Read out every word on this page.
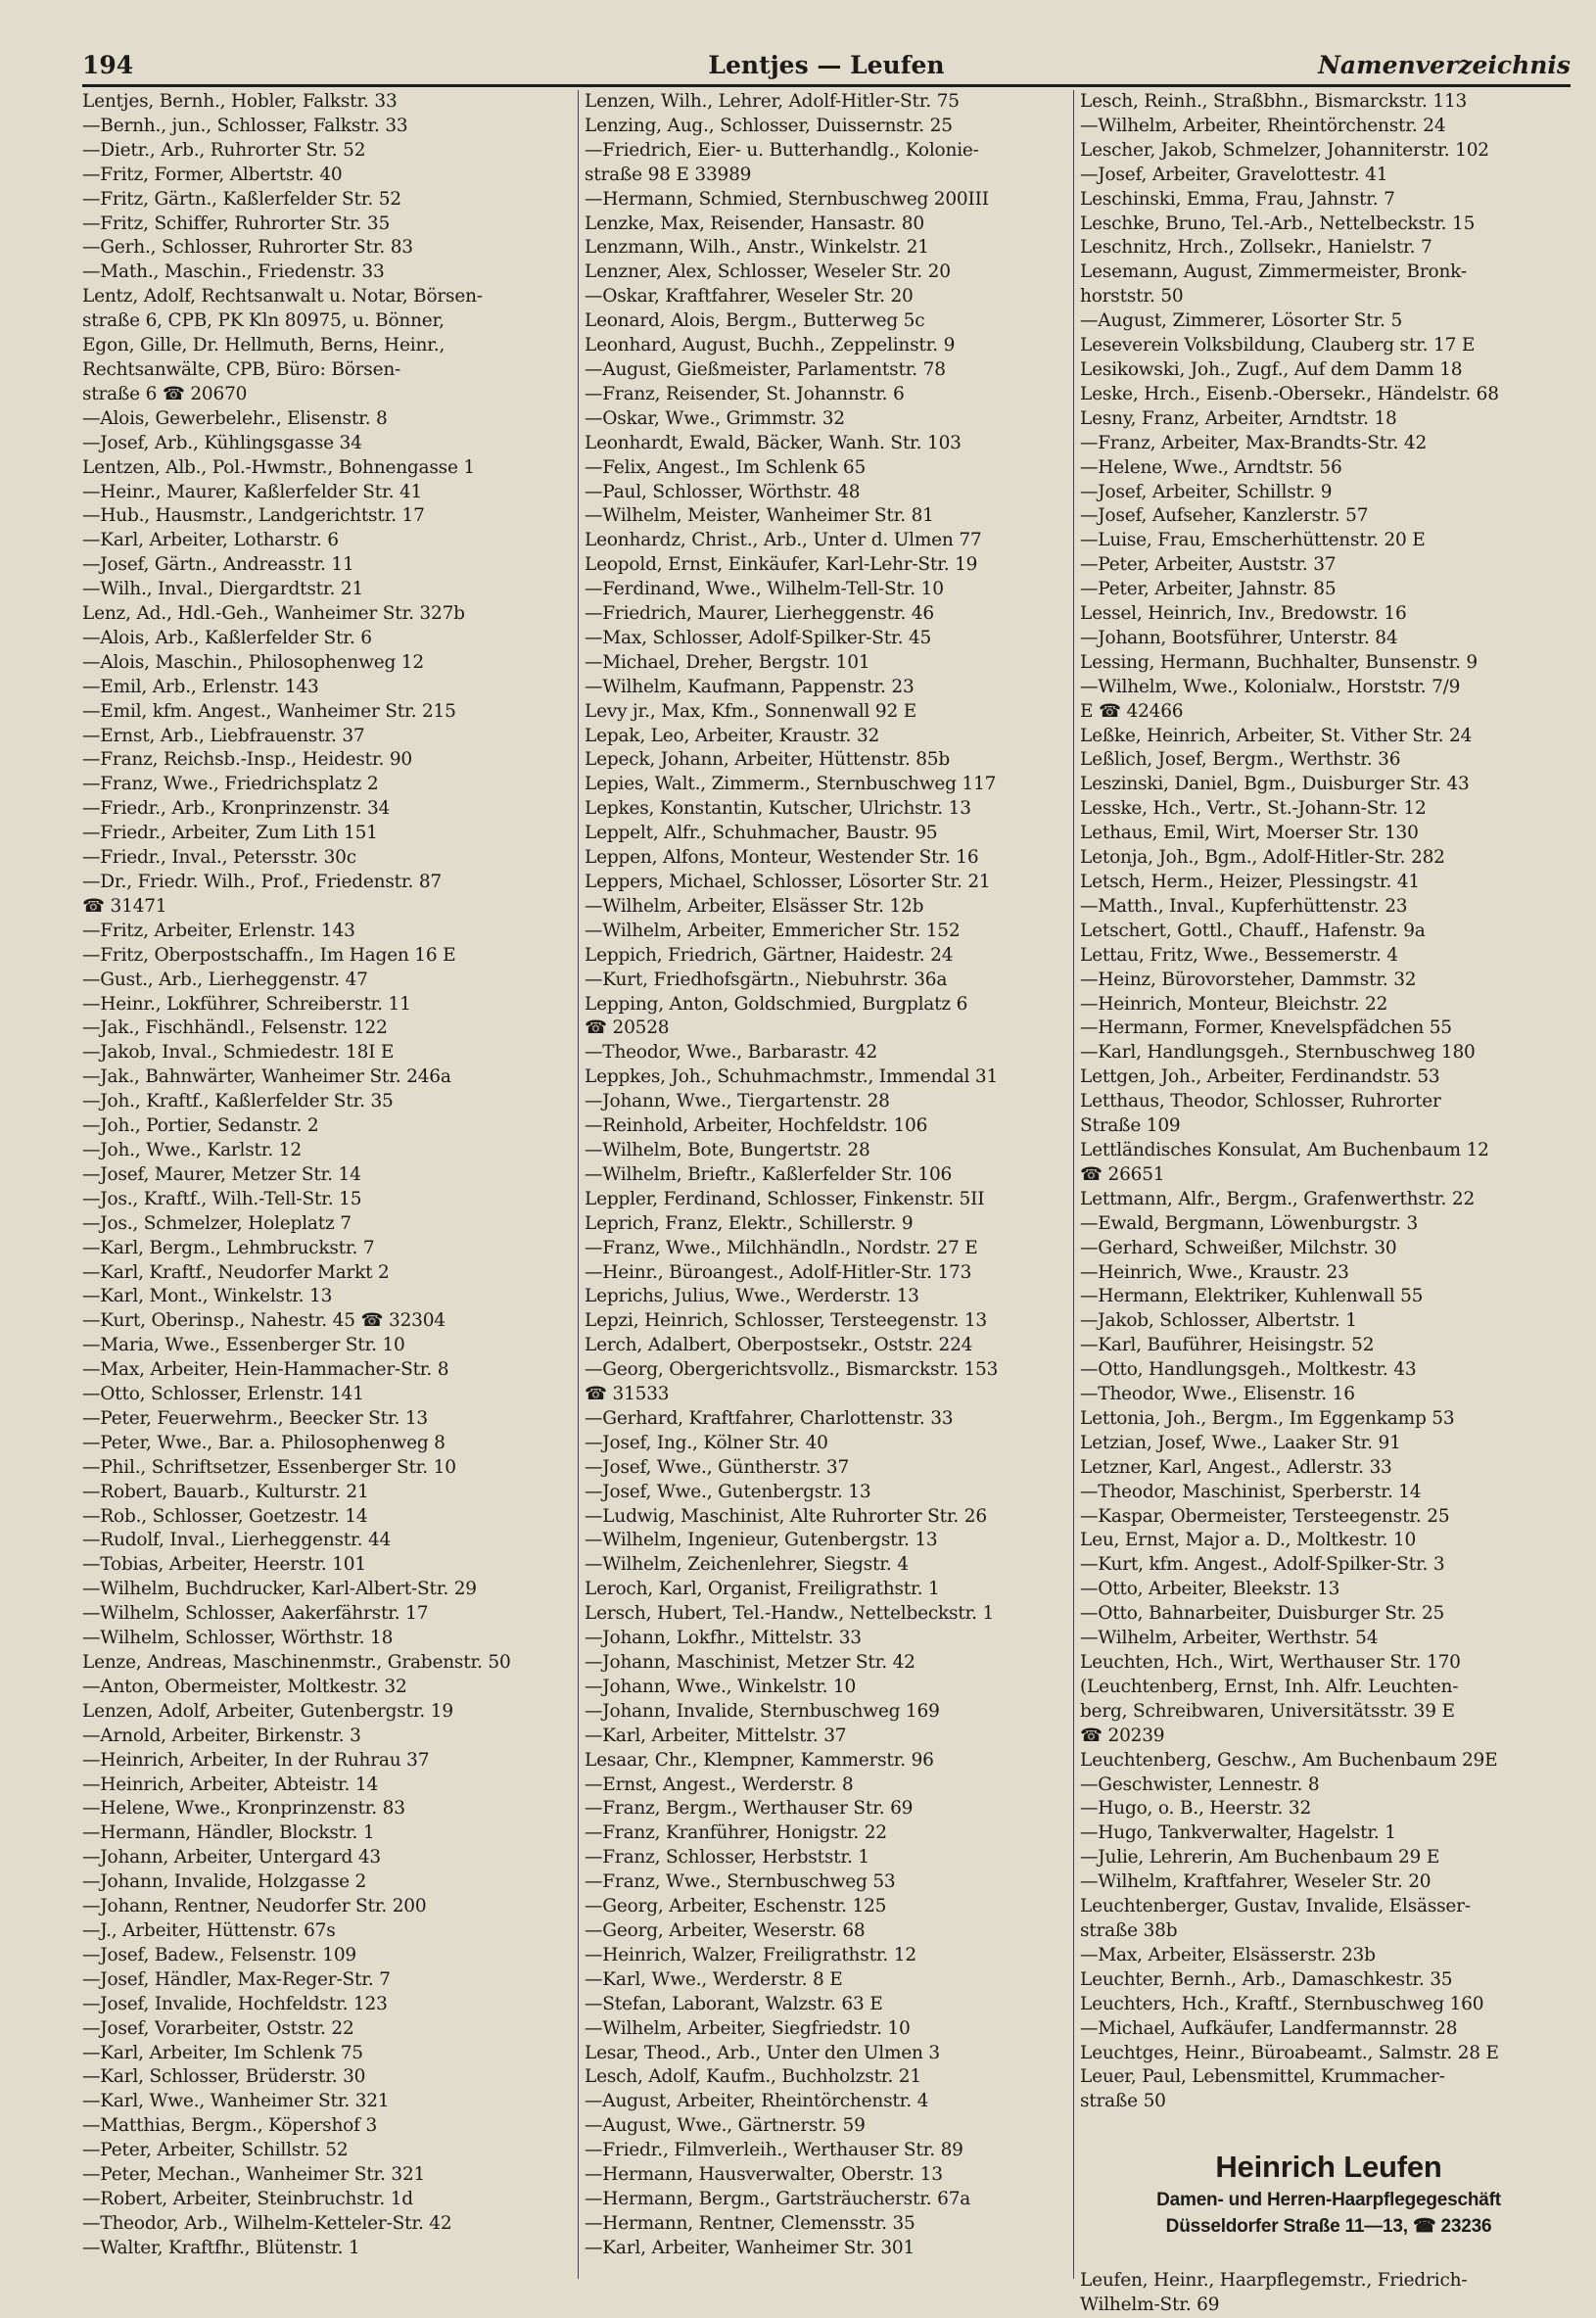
194	Lentjes — Leufen	Namenverzeichnis
Lentjes, Bernh., Hobler, Falkstr. 33
—Bernh., jun., Schlosser, Falkstr. 33
—Dietr., Arb., Ruhrorter Str. 52
—Fritz, Former, Albertstr. 40
—Fritz, Gärtn., Kaßlerfelder Str. 52
—Fritz, Schiffer, Ruhrorter Str. 35
—Gerh., Schlosser, Ruhrorter Str. 83
—Math., Maschin., Friedenstr. 33
Lentz, Adolf, Rechtsanwalt u. Notar, Börsen-
straße 6, CPB, PK Kln 80975, u. Bönner,
Egon, Gille, Dr. Hellmuth, Berns, Heinr.,
Rechtsanwälte, CPB, Büro: Börsen-
straße 6 ☎ 20670
—Alois, Gewerbelehr., Elisenstr. 8
—Josef, Arb., Kühlingsgasse 34
Lentzen, Alb., Pol.-Hwmstr., Bohnengasse 1
—Heinr., Maurer, Kaßlerfelder Str. 41
—Hub., Hausmstr., Landgerichtstr. 17
—Karl, Arbeiter, Lotharstr. 6
—Josef, Gärtn., Andreasstr. 11
—Wilh., Inval., Diergardtstr. 21
Lenz, Ad., Hdl.-Geh., Wanheimer Str. 327b
—Alois, Arb., Kaßlerfelder Str. 6
—Alois, Maschin., Philosophenweg 12
—Emil, Arb., Erlenstr. 143
—Emil, kfm. Angest., Wanheimer Str. 215
—Ernst, Arb., Liebfrauenstr. 37
—Franz, Reichsb.-Insp., Heidestr. 90
—Franz, Wwe., Friedrichsplatz 2
—Friedr., Arb., Kronprinzenstr. 34
—Friedr., Arbeiter, Zum Lith 151
—Friedr., Inval., Petersstr. 30c
—Dr., Friedr. Wilh., Prof., Friedenstr. 87
☎ 31471
—Fritz, Arbeiter, Erlenstr. 143
—Fritz, Oberpostschaffn., Im Hagen 16 E
—Gust., Arb., Lierheggenstr. 47
—Heinr., Lokführer, Schreiberstr. 11
—Jak., Fischhändl., Felsenstr. 122
—Jakob, Inval., Schmiedestr. 18I E
—Jak., Bahnwärter, Wanheimer Str. 246a
—Joh., Kraftf., Kaßlerfelder Str. 35
—Joh., Portier, Sedanstr. 2
—Joh., Wwe., Karlstr. 12
—Josef, Maurer, Metzer Str. 14
—Jos., Kraftf., Wilh.-Tell-Str. 15
—Jos., Schmelzer, Holeplatz 7
—Karl, Bergm., Lehmbruckstr. 7
—Karl, Kraftf., Neudorfer Markt 2
—Karl, Mont., Winkelstr. 13
—Kurt, Oberinsp., Nahestr. 45 ☎ 32304
—Maria, Wwe., Essenberger Str. 10
—Max, Arbeiter, Hein-Hammacher-Str. 8
—Otto, Schlosser, Erlenstr. 141
—Peter, Feuerwehrm., Beecker Str. 13
—Peter, Wwe., Bar. a. Philosophenweg 8
—Phil., Schriftsetzer, Essenberger Str. 10
—Robert, Bauarb., Kulturstr. 21
—Rob., Schlosser, Goetzestr. 14
—Rudolf, Inval., Lierheggenstr. 44
—Tobias, Arbeiter, Heerstr. 101
—Wilhelm, Buchdrucker, Karl-Albert-Str. 29
—Wilhelm, Schlosser, Aakerfährstr. 17
—Wilhelm, Schlosser, Wörthstr. 18
Lenze, Andreas, Maschinenmstr., Grabenstr. 50
—Anton, Obermeister, Moltkestr. 32
Lenzen, Adolf, Arbeiter, Gutenbergstr. 19
—Arnold, Arbeiter, Birkenstr. 3
—Heinrich, Arbeiter, In der Ruhrau 37
—Heinrich, Arbeiter, Abteistr. 14
—Helene, Wwe., Kronprinzenstr. 83
—Hermann, Händler, Blockstr. 1
—Johann, Arbeiter, Untergard 43
—Johann, Invalide, Holzgasse 2
—Johann, Rentner, Neudorfer Str. 200
—J., Arbeiter, Hüttenstr. 67s
—Josef, Badew., Felsenstr. 109
—Josef, Händler, Max-Reger-Str. 7
—Josef, Invalide, Hochfeldstr. 123
—Josef, Vorarbeiter, Oststr. 22
—Karl, Arbeiter, Im Schlenk 75
—Karl, Schlosser, Brüderstr. 30
—Karl, Wwe., Wanheimer Str. 321
—Matthias, Bergm., Köpershof 3
—Peter, Arbeiter, Schillstr. 52
—Peter, Mechan., Wanheimer Str. 321
—Robert, Arbeiter, Steinbruchstr. 1d
—Theodor, Arb., Wilhelm-Ketteler-Str. 42
—Walter, Kraftfhr., Blütenstr. 1
Lenzen, Wilh., Lehrer, Adolf-Hitler-Str. 75
Lenzing, Aug., Schlosser, Duissernstr. 25
—Friedrich, Eier- u. Butterhandlg., Kolonie-
straße 98 E 33989
—Hermann, Schmied, Sternbuschweg 200III
Lenzke, Max, Reisender, Hansastr. 80
Lenzmann, Wilh., Anstr., Winkelstr. 21
Lenzner, Alex, Schlosser, Weseler Str. 20
—Oskar, Kraftfahrer, Weseler Str. 20
Leonard, Alois, Bergm., Butterweg 5c
Leonhard, August, Buchh., Zeppelinstr. 9
—August, Gießmeister, Parlamentstr. 78
—Franz, Reisender, St. Johannstr. 6
—Oskar, Wwe., Grimmstr. 32
Leonhardt, Ewald, Bäcker, Wanh. Str. 103
—Felix, Angest., Im Schlenk 65
—Paul, Schlosser, Wörthstr. 48
—Wilhelm, Meister, Wanheimer Str. 81
Leonhardz, Christ., Arb., Unter d. Ulmen 77
Leopold, Ernst, Einkäufer, Karl-Lehr-Str. 19
—Ferdinand, Wwe., Wilhelm-Tell-Str. 10
—Friedrich, Maurer, Lierheggenstr. 46
—Max, Schlosser, Adolf-Spilker-Str. 45
—Michael, Dreher, Bergstr. 101
—Wilhelm, Kaufmann, Pappenstr. 23
Levy jr., Max, Kfm., Sonnenwall 92 E
Lepak, Leo, Arbeiter, Kraustr. 32
Lepeck, Johann, Arbeiter, Hüttenstr. 85b
Lepies, Walt., Zimmerm., Sternbuschweg 117
Lepkes, Konstantin, Kutscher, Ulrichstr. 13
Leppelt, Alfr., Schuhmacher, Baustr. 95
Leppen, Alfons, Monteur, Westender Str. 16
Leppers, Michael, Schlosser, Lösorter Str. 21
—Wilhelm, Arbeiter, Elsässer Str. 12b
—Wilhelm, Arbeiter, Emmericher Str. 152
Leppich, Friedrich, Gärtner, Haidestr. 24
—Kurt, Friedhofsgärtn., Niebuhrstr. 36a
Lepping, Anton, Goldschmied, Burgplatz 6
☎ 20528
—Theodor, Wwe., Barbarastr. 42
Leppkes, Joh., Schuhmachmstr., Immendal 31
—Johann, Wwe., Tiergartenstr. 28
—Reinhold, Arbeiter, Hochfeldstr. 106
—Wilhelm, Bote, Bungertstr. 28
—Wilhelm, Brieftr., Kaßlerfelder Str. 106
Leppler, Ferdinand, Schlosser, Finkenstr. 5II
Leprich, Franz, Elektr., Schillerstr. 9
—Franz, Wwe., Milchhändln., Nordstr. 27 E
—Heinr., Büroangest., Adolf-Hitler-Str. 173
Leprichs, Julius, Wwe., Werderstr. 13
Lepzi, Heinrich, Schlosser, Tersteegenstr. 13
Lerch, Adalbert, Oberpostsekr., Oststr. 224
—Georg, Obergerichtsvollz., Bismarckstr. 153
☎ 31533
—Gerhard, Kraftfahrer, Charlottenstr. 33
—Josef, Ing., Kölner Str. 40
—Josef, Wwe., Güntherstr. 37
—Josef, Wwe., Gutenbergstr. 13
—Ludwig, Maschinist, Alte Ruhrorter Str. 26
—Wilhelm, Ingenieur, Gutenbergstr. 13
—Wilhelm, Zeichenlehrer, Siegstr. 4
Leroch, Karl, Organist, Freiligrathstr. 1
Lersch, Hubert, Tel.-Handw., Nettelbeckstr. 1
—Johann, Lokfhr., Mittelstr. 33
—Johann, Maschinist, Metzer Str. 42
—Johann, Wwe., Winkelstr. 10
—Johann, Invalide, Sternbuschweg 169
—Karl, Arbeiter, Mittelstr. 37
Lesaar, Chr., Klempner, Kammerstr. 96
—Ernst, Angest., Werderstr. 8
—Franz, Bergm., Werthauser Str. 69
—Franz, Kranführer, Honigstr. 22
—Franz, Schlosser, Herbststr. 1
—Franz, Wwe., Sternbuschweg 53
—Georg, Arbeiter, Eschenstr. 125
—Georg, Arbeiter, Weserstr. 68
—Heinrich, Walzer, Freiligrathstr. 12
—Karl, Wwe., Werderstr. 8 E
—Stefan, Laborant, Walzstr. 63 E
—Wilhelm, Arbeiter, Siegfriedstr. 10
Lesar, Theod., Arb., Unter den Ulmen 3
Lesch, Adolf, Kaufm., Buchholzstr. 21
—August, Arbeiter, Rheintörchenstr. 4
—August, Wwe., Gärtnerstr. 59
—Friedr., Filmverleih., Werthauser Str. 89
—Hermann, Hausverwalter, Oberstr. 13
—Hermann, Bergm., Gartsträucherstr. 67a
—Hermann, Rentner, Clemensstr. 35
—Karl, Arbeiter, Wanheimer Str. 301
Lesch, Reinh., Straßbhn., Bismarckstr. 113
—Wilhelm, Arbeiter, Rheintörchenstr. 24
Lescher, Jakob, Schmelzer, Johanniterstr. 102
—Josef, Arbeiter, Gravelottestr. 41
Leschinski, Emma, Frau, Jahnstr. 7
Leschke, Bruno, Tel.-Arb., Nettelbeckstr. 15
Leschnitz, Hrch., Zollsekr., Hanielstr. 7
Lesemann, August, Zimmermeister, Bronk-
horststr. 50
—August, Zimmerer, Lösorter Str. 5
Leseverein Volksbildung, Clauberg str. 17 E
Lesikowski, Joh., Zugf., Auf dem Damm 18
Leske, Hrch., Eisenb.-Obersekr., Händelstr. 68
Lesny, Franz, Arbeiter, Arndtstr. 18
—Franz, Arbeiter, Max-Brandts-Str. 42
—Helene, Wwe., Arndtstr. 56
—Josef, Arbeiter, Schillstr. 9
—Josef, Aufseher, Kanzlerstr. 57
—Luise, Frau, Emscherhüttenstr. 20 E
—Peter, Arbeiter, Auststr. 37
—Peter, Arbeiter, Jahnstr. 85
Lessel, Heinrich, Inv., Bredowstr. 16
—Johann, Bootsführer, Unterstr. 84
Lessing, Hermann, Buchhalter, Bunsenstr. 9
—Wilhelm, Wwe., Kolonialw., Horststr. 7/9
E ☎ 42466
Leßke, Heinrich, Arbeiter, St. Vither Str. 24
Leßlich, Josef, Bergm., Werthstr. 36
Leszinski, Daniel, Bgm., Duisburger Str. 43
Lesske, Hch., Vertr., St.-Johann-Str. 12
Lethaus, Emil, Wirt, Moerser Str. 130
Letonja, Joh., Bgm., Adolf-Hitler-Str. 282
Letsch, Herm., Heizer, Plessingstr. 41
—Matth., Inval., Kupferhüttenstr. 23
Letschert, Gottl., Chauff., Hafenstr. 9a
Lettau, Fritz, Wwe., Bessemerstr. 4
—Heinz, Bürovorsteher, Dammstr. 32
—Heinrich, Monteur, Bleichstr. 22
—Hermann, Former, Knevelspfädchen 55
—Karl, Handlungsgeh., Sternbuschweg 180
Lettgen, Joh., Arbeiter, Ferdinandstr. 53
Letthaus, Theodor, Schlosser, Ruhrorter
Straße 109
Lettländisches Konsulat, Am Buchenbaum 12
☎ 26651
Lettmann, Alfr., Bergm., Grafenwerthstr. 22
—Ewald, Bergmann, Löwenburgstr. 3
—Gerhard, Schweißer, Milchstr. 30
—Heinrich, Wwe., Kraustr. 23
—Hermann, Elektriker, Kuhlenwall 55
—Jakob, Schlosser, Albertstr. 1
—Karl, Bauführer, Heisingstr. 52
—Otto, Handlungsgeh., Moltkestr. 43
—Theodor, Wwe., Elisenstr. 16
Lettonia, Joh., Bergm., Im Eggenkamp 53
Letzian, Josef, Wwe., Laaker Str. 91
Letzner, Karl, Angest., Adlerstr. 33
—Theodor, Maschinist, Sperberstr. 14
—Kaspar, Obermeister, Tersteegenstr. 25
Leu, Ernst, Major a. D., Moltkestr. 10
—Kurt, kfm. Angest., Adolf-Spilker-Str. 3
—Otto, Arbeiter, Bleekstr. 13
—Otto, Bahnarbeiter, Duisburger Str. 25
—Wilhelm, Arbeiter, Werthstr. 54
Leuchten, Hch., Wirt, Werthauser Str. 170
(Leuchtenberg, Ernst, Inh. Alfr. Leuchten-
berg, Schreibwaren, Universitätsstr. 39 E
☎ 20239
Leuchtenberg, Geschw., Am Buchenbaum 29E
—Geschwister, Lennestr. 8
—Hugo, o. B., Heerstr. 32
—Hugo, Tankverwalter, Hagelstr. 1
—Julie, Lehrerin, Am Buchenbaum 29 E
—Wilhelm, Kraftfahrer, Weseler Str. 20
Leuchtenberger, Gustav, Invalide, Elsässer-
straße 38b
—Max, Arbeiter, Elsässerstr. 23b
Leuchter, Bernh., Arb., Damaschkestr. 35
Leuchters, Hch., Kraftf., Sternbuschweg 160
—Michael, Aufkäufer, Landfermannstr. 28
Leuchtges, Heinr., Büroabeamt., Salmstr. 28 E
Leuer, Paul, Lebensmittel, Krummacher-
straße 50
Heinrich Leufen
Damen- und Herren-Haarpflegegeschäft
Düsseldorfer Straße 11—13, ☎ 23236
Leufen, Heinr., Haarpflegemstr., Friedrich-
Wilhelm-Str. 69
